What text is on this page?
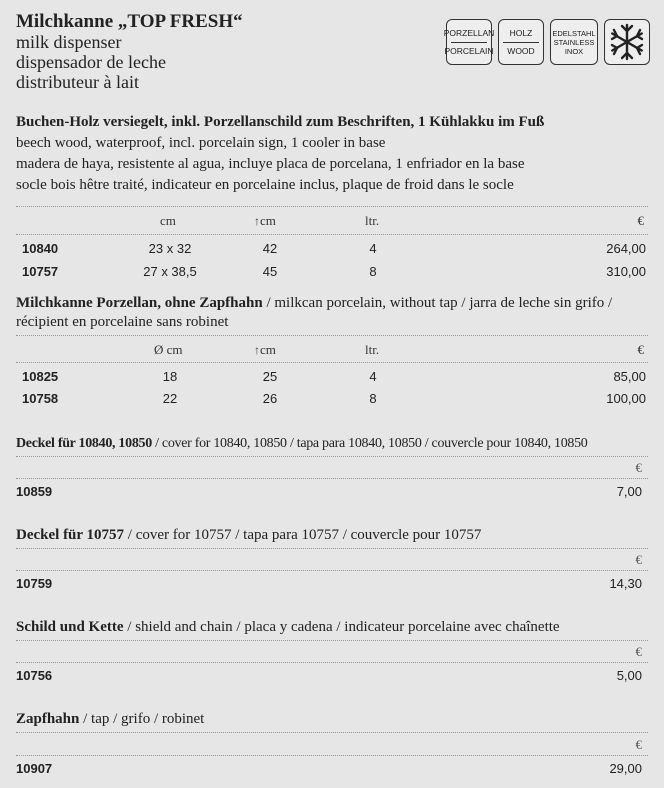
Milchkanne „TOP FRESH“
milk dispenser
dispensador de leche
distributeur à lait
PORZELLAN
PORCELAIN
HOLZ
WOOD
EDELSTAHL
STAINLESS
INOX
Buchen-Holz versiegelt, inkl. Porzellanschild zum Beschriften, 1 Kühlakku im Fuß
beech wood, waterproof, incl. porcelain sign, 1 cooler in base
madera de haya, resistente al agua, incluye placa de porcelana, 1 enfriador en la base
socle bois hêtre traité, indicateur en porcelaine inclus, plaque de froid dans le socle
cm	↑cm	ltr.	€
10840	23 x 32	42	4	264,00
10757	27 x 38,5	45	8	310,00
Milchkanne Porzellan, ohne Zapfhahn / milkcan porcelain, without tap / jarra de leche sin grifo / récipient en porcelaine sans robinet
Ø cm	↑cm	ltr.	€
10825	18	25	4	85,00
10758	22	26	8	100,00
Deckel für 10840, 10850 / cover for 10840, 10850 / tapa para 10840, 10850 / couvercle pour 10840, 10850
€
10859	7,00
Deckel für 10757 / cover for 10757 / tapa para 10757 / couvercle pour 10757
€
10759	14,30
Schild und Kette / shield and chain / placa y cadena / indicateur porcelaine avec chaînette
€
10756	5,00
Zapfhahn / tap / grifo / robinet
€
10907	29,00
